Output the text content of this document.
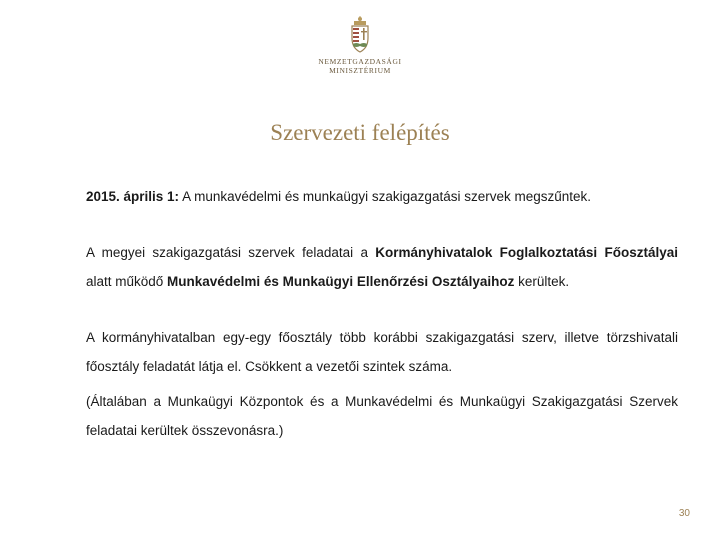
NEMZETGAZDASÁGI
MINISZTÉRIUM
Szervezeti felépítés

2015. április 1: A munkavédelmi és munkaügyi szakigazgatási szervek megszűntek.

A megyei szakigazgatási szervek feladatai a Kormányhivatalok Foglalkoztatási Főosztályai alatt működő Munkavédelmi és Munkaügyi Ellenőrzési Osztályaihoz kerültek.

A kormányhivatalban egy-egy főosztály több korábbi szakigazgatási szerv, illetve törzshivatali főosztály feladatát látja el. Csökkent a vezetői szintek száma.

(Általában a Munkaügyi Központok és a Munkavédelmi és Munkaügyi Szakigazgatási Szervek feladatai kerültek összevonásra.)

30
